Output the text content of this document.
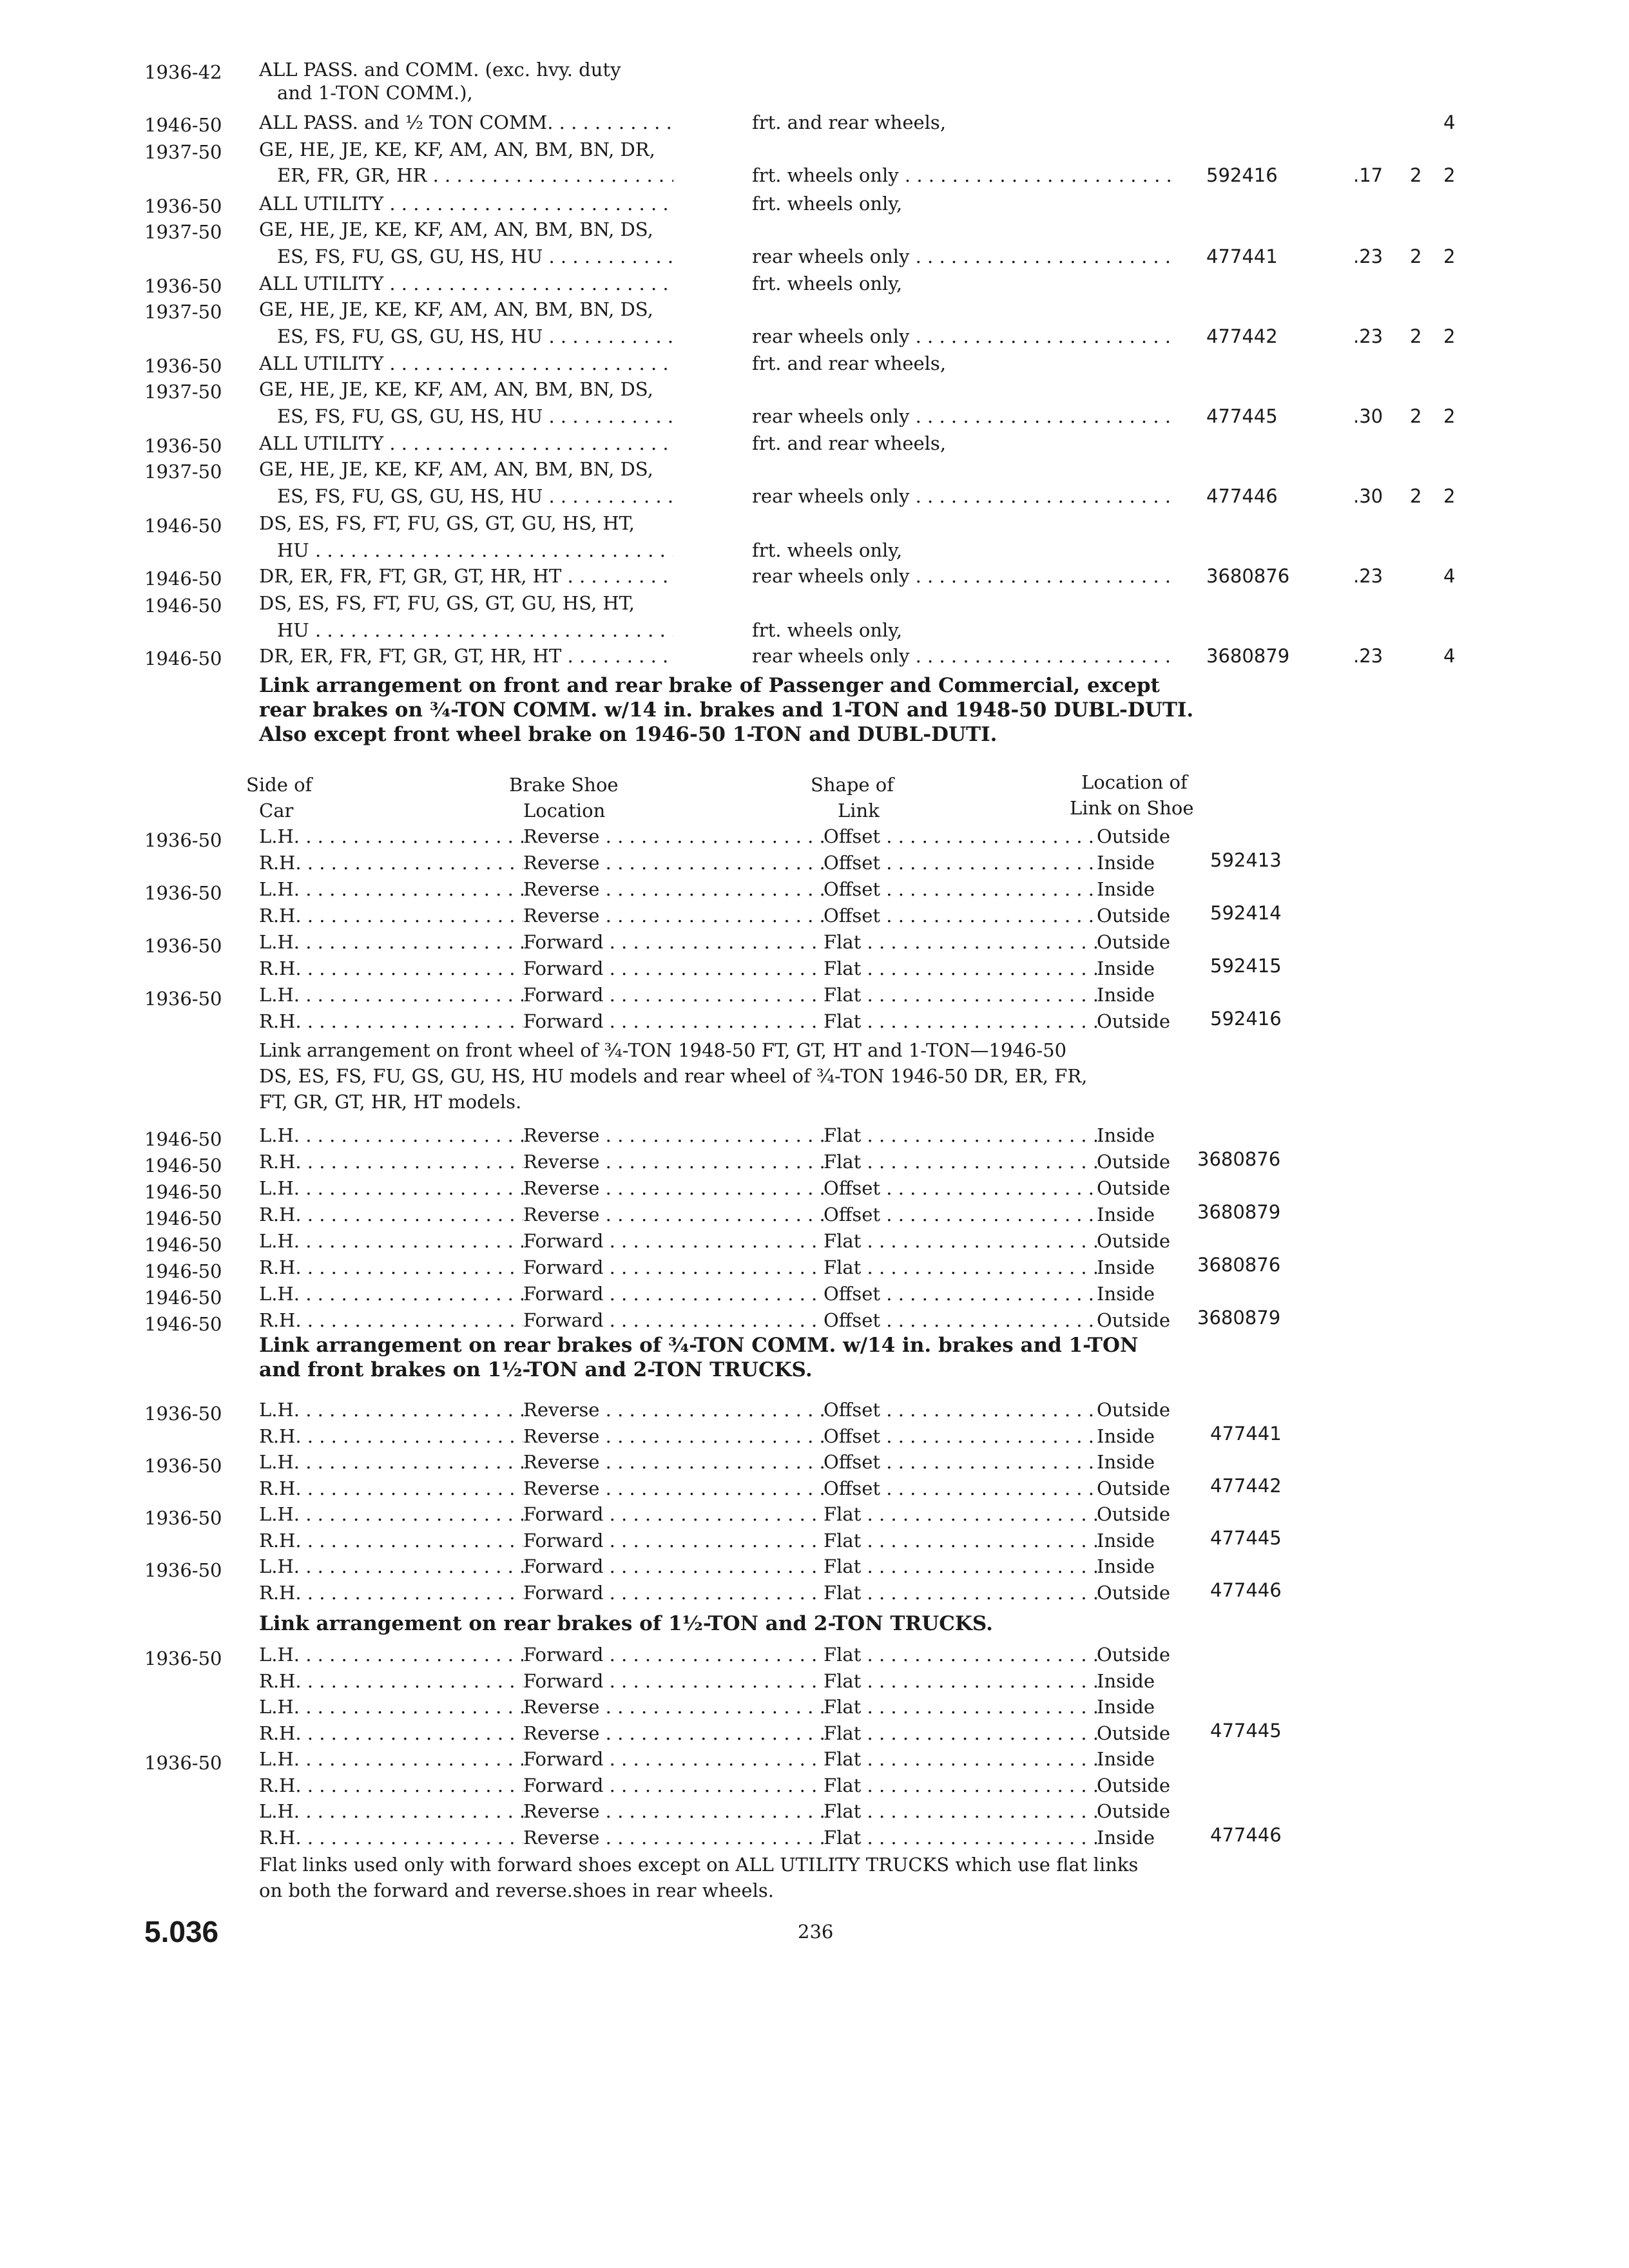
1936-42 ALL PASS. and COMM. (exc. hvy. duty
and 1-TON COMM.),
1946-50 ALL PASS. and ½ TON COMM. . . .	frt. and rear wheels,	4
1937-50 GE, HE, JE, KE, KF, AM, AN, BM, BN, DR,
ER, FR, GR, HR . . .	frt. wheels only . . .	592416	.17 2 2
1936-50 ALL UTILITY . . .	frt. wheels only,
1937-50 GE, HE, JE, KE, KF, AM, AN, BM, BN, DS,
ES, FS, FU, GS, GU, HS, HU . . .	rear wheels only . . .	477441	.23 2 2
1936-50 ALL UTILITY . . .	frt. wheels only,
1937-50 GE, HE, JE, KE, KF, AM, AN, BM, BN, DS,
ES, FS, FU, GS, GU, HS, HU . . .	rear wheels only . . .	477442	.23 2 2
1936-50 ALL UTILITY . . .	frt. and rear wheels,
1937-50 GE, HE, JE, KE, KF, AM, AN, BM, BN, DS,
ES, FS, FU, GS, GU, HS, HU . . .	rear wheels only . . .	477445	.30 2 2
1936-50 ALL UTILITY . . .	frt. and rear wheels,
1937-50 GE, HE, JE, KE, KF, AM, AN, BM, BN, DS,
ES, FS, FU, GS, GU, HS, HU . . .	rear wheels only . . .	477446	.30 2 2
1946-50 DS, ES, FS, FT, FU, GS, GT, GU, HS, HT,
HU . . .	frt. wheels only,
1946-50 DR, ER, FR, FT, GR, GT, HR, HT . . .	rear wheels only . . .	3680876	.23	4
1946-50 DS, ES, FS, FT, FU, GS, GT, GU, HS, HT,
HU . . .	frt. wheels only,
1946-50 DR, ER, FR, FT, GR, GT, HR, HT . . .	rear wheels only . . .	3680879	.23	4
Link arrangement on front and rear brake of Passenger and Commercial, except
rear brakes on ¾-TON COMM. w/14 in. brakes and 1-TON and 1948-50 DUBL-DUTI.
Also except front wheel brake on 1946-50 1-TON and DUBL-DUTI.
Side of
Car
Brake Shoe
Location
Shape of
Link
Location of
Link on Shoe
1936-50 L.H. . . .	Reverse . . .	Offset . . .	Outside
R.H. . . .	Reverse . . .	Offset . . .	Inside	592413
1936-50 L.H. . . .	Reverse . . .	Offset . . .	Inside
R.H. . . .	Reverse . . .	Offset . . .	Outside 592414
1936-50 L.H. . . .	Forward . . .	Flat . . .	Outside
R.H. . . .	Forward . . .	Flat . . .	Inside	592415
1936-50 L.H. . . .	Forward . . .	Flat . . .	Inside
R.H. . . .	Forward . . .	Flat . . .	Outside 592416
Link arrangement on front wheel of ¾-TON 1948-50 FT, GT, HT and 1-TON—1946-50
DS, ES, FS, FU, GS, GU, HS, HU models and rear wheel of ¾-TON 1946-50 DR, ER, FR,
FT, GR, GT, HR, HT models.
1946-50 L.H. . . .	Reverse . . .	Flat . . .	Inside
1946-50 R.H. . . .	Reverse . . .	Flat . . .	Outside 3680876
1946-50 L.H. . . .	Reverse . . .	Offset . . .	Outside
1946-50 R.H. . . .	Reverse . . .	Offset . . .	Inside 3680879
1946-50 L.H. . . .	Forward . . .	Flat . . .	Outside
1946-50 R.H. . . .	Forward . . .	Flat . . .	Inside 3680876
1946-50 L.H. . . .	Forward . . .	Offset . . .	Inside
1946-50 R.H. . . .	Forward . . .	Offset . . .	Outside 3680879
Link arrangement on rear brakes of ¾-TON COMM. w/14 in. brakes and 1-TON
and front brakes on 1½-TON and 2-TON TRUCKS.
1936-50 L.H. . . .	Reverse . . .	Offset . . .	Outside
R.H. . . .	Reverse . . .	Offset . . .	Inside	477441
1936-50 L.H. . . .	Reverse . . .	Offset . . .	Inside
R.H. . . .	Reverse . . .	Offset . . .	Outside 477442
1936-50 L.H. . . .	Forward . . .	Flat . . .	Outside
R.H. . . .	Forward . . .	Flat . . .	Inside	477445
1936-50 L.H. . . .	Forward . . .	Flat . . .	Inside
R.H. . . .	Forward . . .	Flat . . .	Outside 477446
Link arrangement on rear brakes of 1½-TON and 2-TON TRUCKS.
1936-50 L.H. . . .	Forward . . .	Flat . . .	Outside
R.H. . . .	Forward . . .	Flat . . .	Inside
L.H. . . .	Reverse . . .	Flat . . .	Inside
R.H. . . .	Reverse . . .	Flat . . .	Outside 477445
1936-50 L.H. . . .	Forward . . .	Flat . . .	Inside
R.H. . . .	Forward . . .	Flat . . .	Outside
L.H. . . .	Reverse . . .	Flat . . .	Outside
R.H. . . .	Reverse . . .	Flat . . .	Inside	477446
Flat links used only with forward shoes except on ALL UTILITY TRUCKS which use flat links
on both the forward and reverse.shoes in rear wheels.
236
5.036
